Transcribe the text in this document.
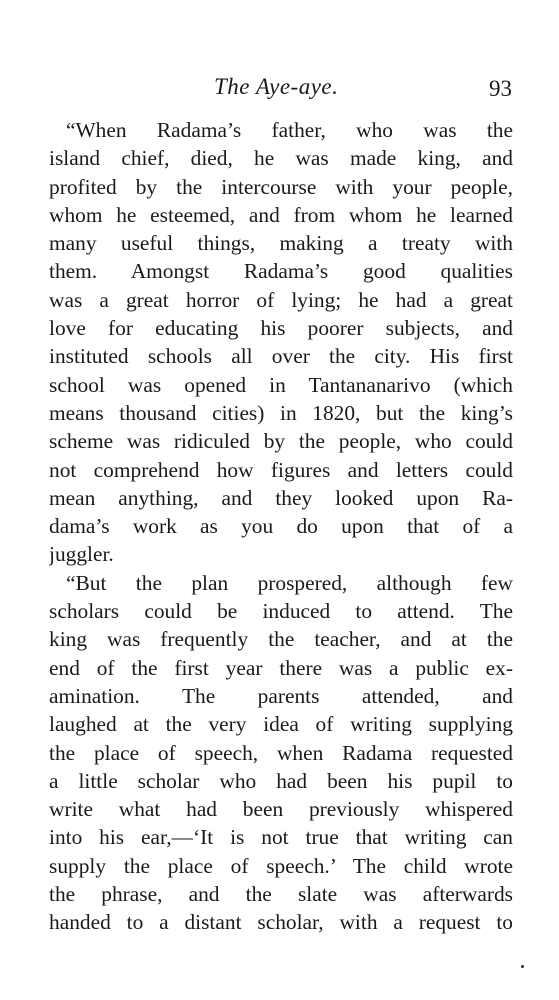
The Aye-aye.	93
“When Radama’s father, who was the
island chief, died, he was made king, and
profited by the intercourse with your people,
whom he esteemed, and from whom he learned
many useful things, making a treaty with
them. Amongst Radama’s good qualities
was a great horror of lying; he had a great
love for educating his poorer subjects, and
instituted schools all over the city. His first
school was opened in Tantananarivo (which
means thousand cities) in 1820, but the king’s
scheme was ridiculed by the people, who could
not comprehend how figures and letters could
mean anything, and they looked upon Ra-
dama’s work as you do upon that of a
juggler.
“But the plan prospered, although few
scholars could be induced to attend. The
king was frequently the teacher, and at the
end of the first year there was a public ex-
amination. The parents attended, and
laughed at the very idea of writing supplying
the place of speech, when Radama requested
a little scholar who had been his pupil to
write what had been previously whispered
into his ear,—‘It is not true that writing can
supply the place of speech.’ The child wrote
the phrase, and the slate was afterwards
handed to a distant scholar, with a request to
